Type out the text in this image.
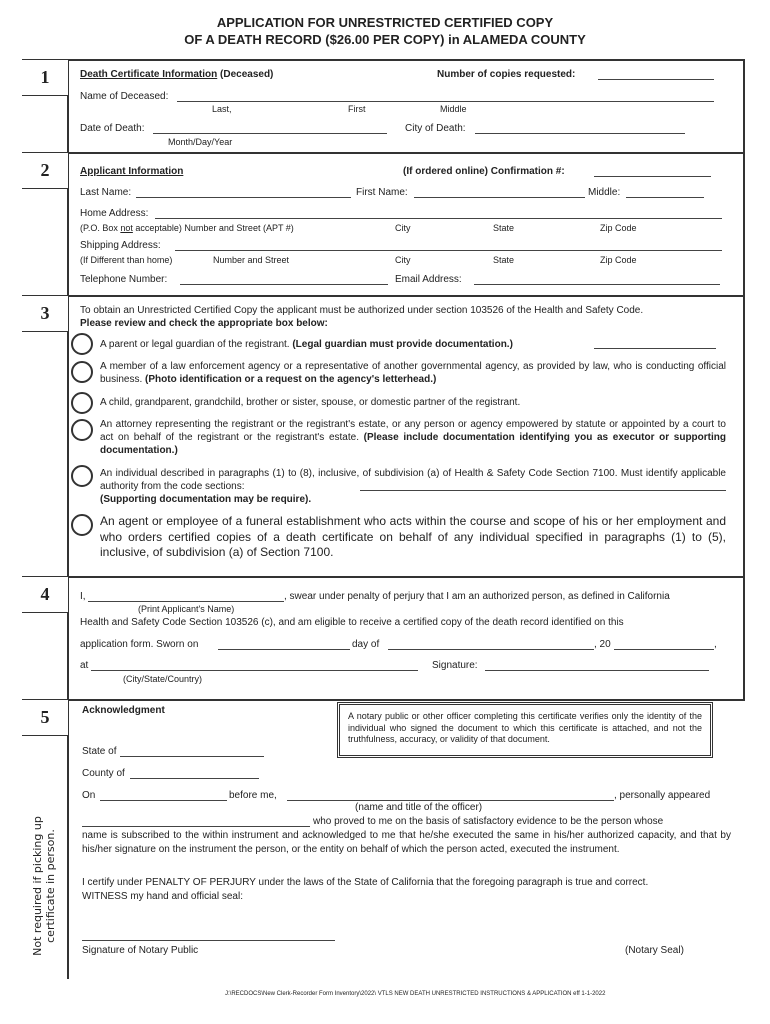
APPLICATION FOR UNRESTRICTED CERTIFIED COPY
OF A DEATH RECORD ($26.00 PER COPY) in ALAMEDA COUNTY
1
2
3
4
5
Death Certificate Information (Deceased)	Number of copies requested:
Name of Deceased:
Last,	First	Middle
Date of Death:
Month/Day/Year
City of Death:
Applicant Information	(If ordered online) Confirmation #:
Last Name:	First Name:	Middle:
Home Address:
(P.O. Box not acceptable) Number and Street (APT #)	City	State	Zip Code
Shipping Address:
(If Different than home)	Number and Street	City	State	Zip Code
Telephone Number:	Email Address:
To obtain an Unrestricted Certified Copy the applicant must be authorized under section 103526 of the Health and Safety Code.
Please review and check the appropriate box below:
A parent or legal guardian of the registrant. (Legal guardian must provide documentation.)
A member of a law enforcement agency or a representative of another governmental agency, as provided by law, who is conducting official business. (Photo identification or a request on the agency's letterhead.)
A child, grandparent, grandchild, brother or sister, spouse, or domestic partner of the registrant.
An attorney representing the registrant or the registrant's estate, or any person or agency empowered by statute or appointed by a court to act on behalf of the registrant or the registrant's estate. (Please include documentation identifying you as executor or supporting documentation.)
An individual described in paragraphs (1) to (8), inclusive, of subdivision (a) of Health & Safety Code Section 7100. Must identify applicable authority from the code sections:
(Supporting documentation may be require).
An agent or employee of a funeral establishment who acts within the course and scope of his or her employment and who orders certified copies of a death certificate on behalf of any individual specified in paragraphs (1) to (5), inclusive, of subdivision (a) of Section 7100.
I,	, swear under penalty of perjury that I am an authorized person, as defined in California
(Print Applicant's Name)
Health and Safety Code Section 103526 (c), and am eligible to receive a certified copy of the death record identified on this
application form. Sworn on	day of	, 20	,
at
(City/State/Country)
Signature:
Acknowledgment	A notary public or other officer completing this certificate verifies only the identity of the individual who signed the document to which this certificate is attached, and not the truthfulness, accuracy, or validity of that document.
State of
County of
On	before me,	, personally appeared
(name and title of the officer)
who proved to me on the basis of satisfactory evidence to be the person whose
name is subscribed to the within instrument and acknowledged to me that he/she executed the same in his/her authorized capacity, and that by his/her signature on the instrument the person, or the entity on behalf of which the person acted, executed the instrument.
I certify under PENALTY OF PERJURY under the laws of the State of California that the foregoing paragraph is true and correct.
WITNESS my hand and official seal:
Signature of Notary Public	(Notary Seal)
Not required if picking up certificate in person.
J:\RECDOCS\New Clerk-Recorder Form Inventory\2022\ VTLS NEW DEATH UNRESTRICTED INSTRUCTIONS & APPLICATION eff 1-1-2022
